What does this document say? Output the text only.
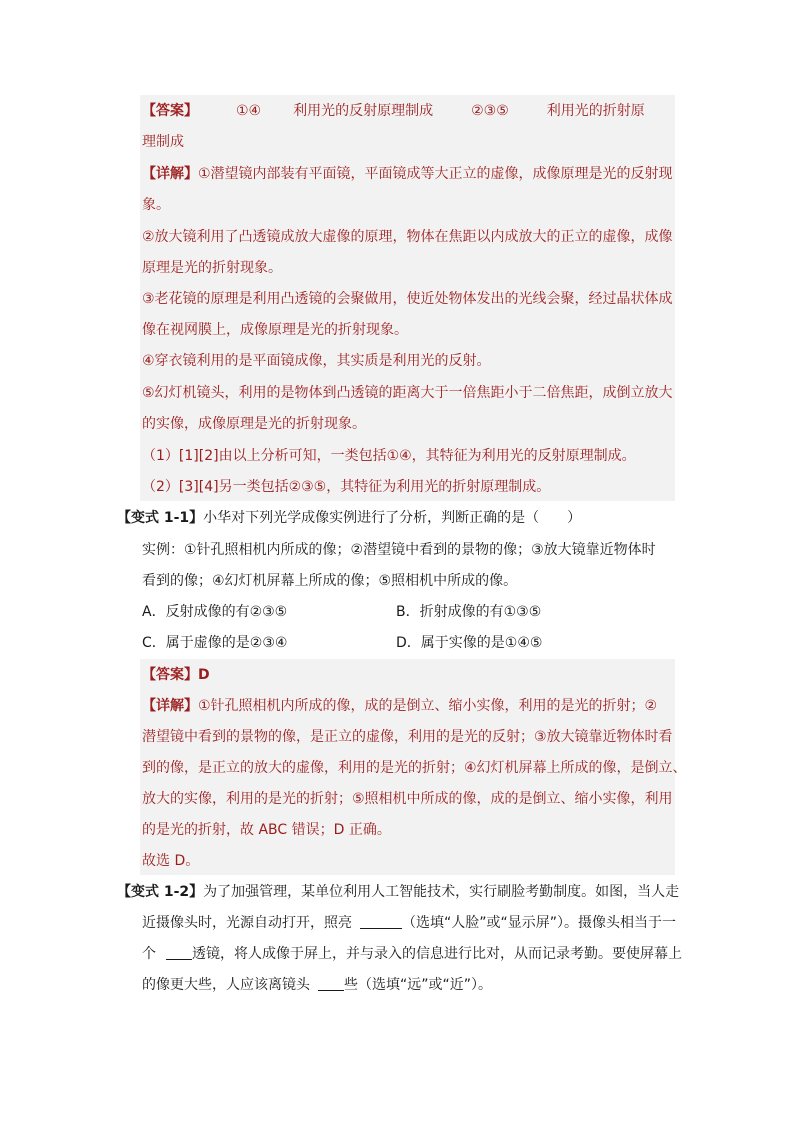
【答案】	①④ 利用光的反射原理制成	②③⑤	利用光的折射原
理制成
【详解】①潜望镜内部装有平面镜，平面镜成等大正立的虚像，成像原理是光的反射现
象。
②放大镜利用了凸透镜成放大虚像的原理，物体在焦距以内成放大的正立的虚像，成像
原理是光的折射现象。
③老花镜的原理是利用凸透镜的会聚做用，使近处物体发出的光线会聚，经过晶状体成
像在视网膜上，成像原理是光的折射现象。
④穿衣镜利用的是平面镜成像，其实质是利用光的反射。
⑤幻灯机镜头，利用的是物体到凸透镜的距离大于一倍焦距小于二倍焦距，成倒立放大
的实像，成像原理是光的折射现象。
（1）[1][2]由以上分析可知，一类包括①④，其特征为利用光的反射原理制成。
（2）[3][4]另一类包括②③⑤，其特征为利用光的折射原理制成。
【变式 1-1】小华对下列光学成像实例进行了分析，判断正确的是（　　）
实例：①针孔照相机内所成的像；②潜望镜中看到的景物的像；③放大镜靠近物体时
看到的像；④幻灯机屏幕上所成的像；⑤照相机中所成的像。
A．反射成像的有②③⑤	B．折射成像的有①③⑤
C．属于虚像的是②③④	D．属于实像的是①④⑤
【答案】D
【详解】①针孔照相机内所成的像，成的是倒立、缩小实像，利用的是光的折射；②
潜望镜中看到的景物的像，是正立的虚像，利用的是光的反射；③放大镜靠近物体时看
到的像，是正立的放大的虚像，利用的是光的折射；④幻灯机屏幕上所成的像，是倒立、
放大的实像，利用的是光的折射；⑤照相机中所成的像，成的是倒立、缩小实像，利用
的是光的折射，故 ABC 错误；D 正确。
故选 D。
【变式 1-2】为了加强管理，某单位利用人工智能技术，实行刷脸考勤制度。如图，当人走
近摄像头时，光源自动打开，照亮	（选填“人脸”或“显示屏”）。摄像头相当于一
个	透镜，将人成像于屏上，并与录入的信息进行比对，从而记录考勤。要使屏幕上
的像更大些，人应该离镜头 些（选填“远”或“近”）。
